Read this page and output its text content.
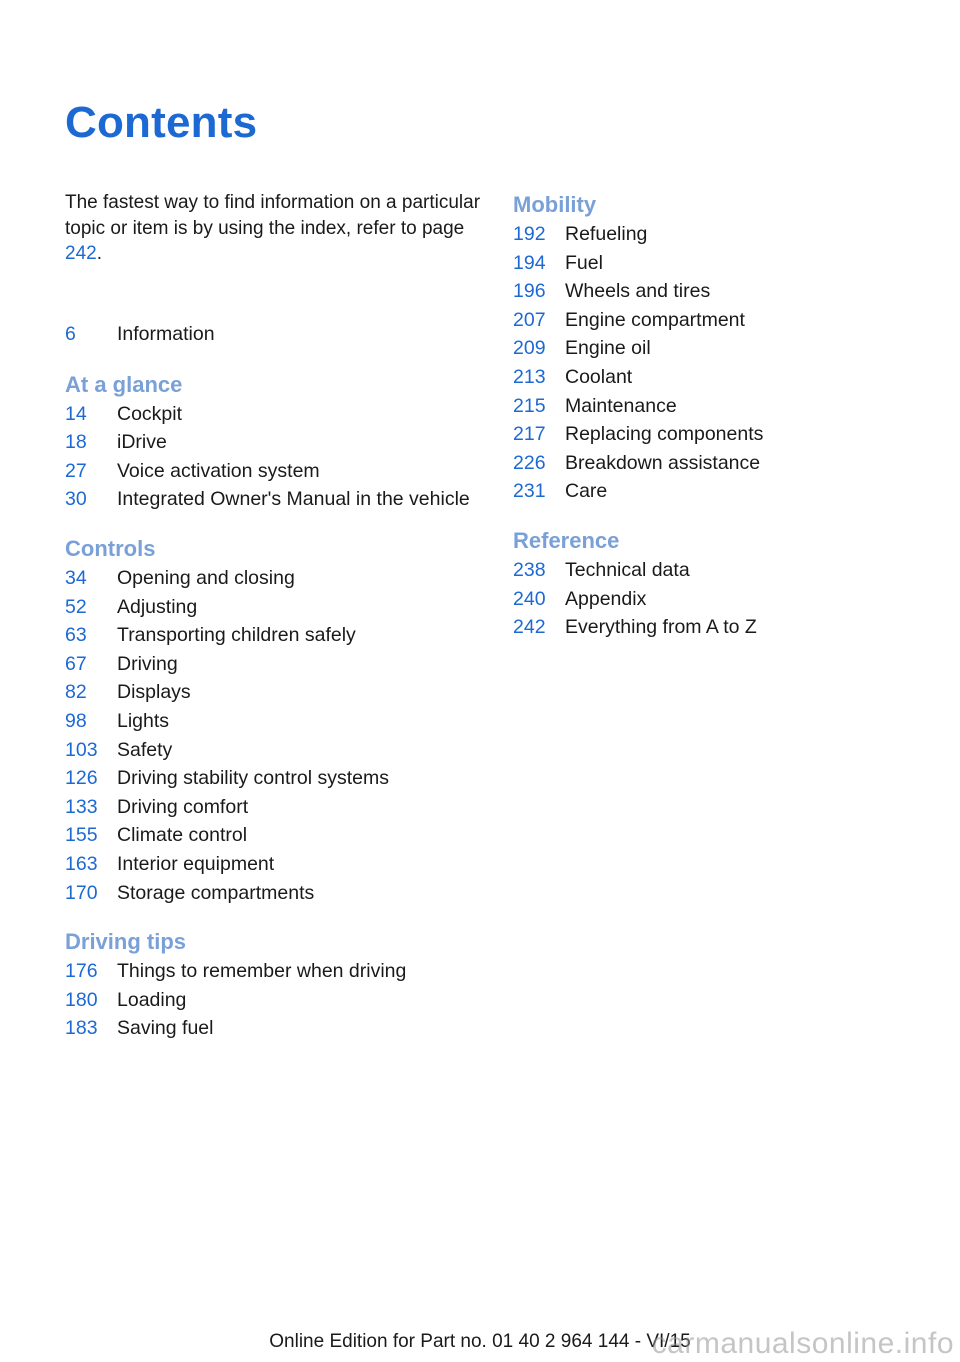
Contents

The fastest way to find information on a particular topic or item is by using the index, refer to page 242.

6	Information
At a glance
14	Cockpit
18	iDrive
27	Voice activation system
30	Integrated Owner's Manual in the vehicle
Controls
34	Opening and closing
52	Adjusting
63	Transporting children safely
67	Driving
82	Displays
98	Lights
103 Safety
126 Driving stability control systems
133 Driving comfort
155 Climate control
163 Interior equipment
170 Storage compartments
Driving tips
176 Things to remember when driving
180 Loading
183 Saving fuel
Mobility
192 Refueling
194 Fuel
196 Wheels and tires
207 Engine compartment
209 Engine oil
213 Coolant
215 Maintenance
217 Replacing components
226 Breakdown assistance
231 Care
Reference
238 Technical data
240 Appendix
242 Everything from A to Z
Online Edition for Part no. 01 40 2 964 144 - VI/15
carmanualsonline.info
